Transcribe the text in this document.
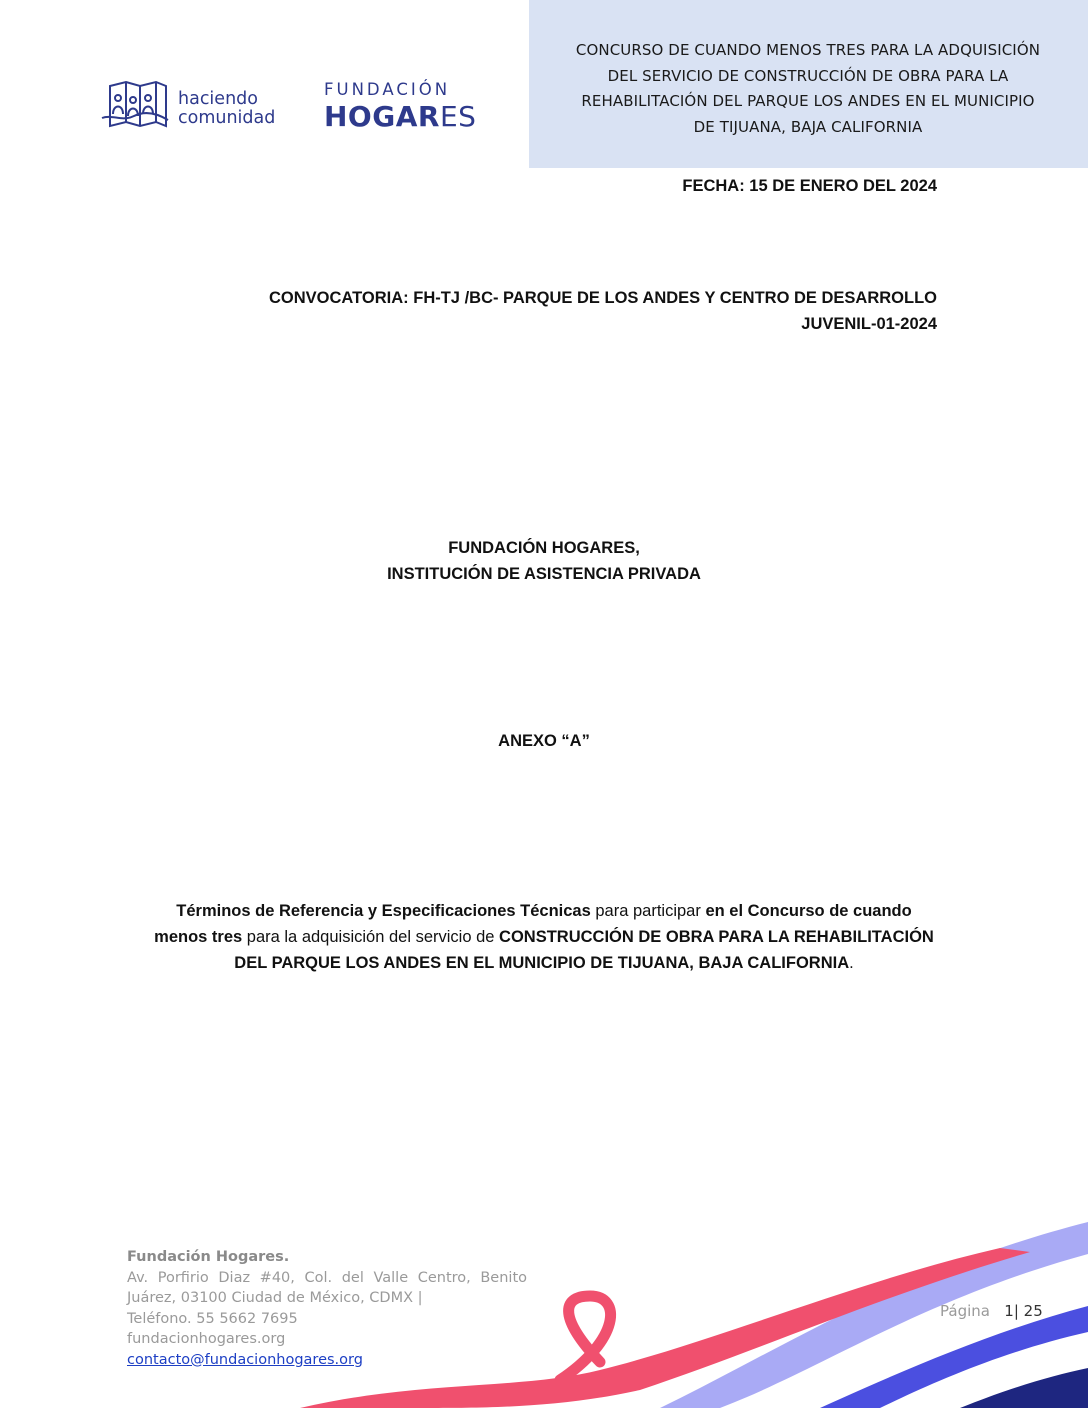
CONCURSO DE CUANDO MENOS TRES PARA LA ADQUISICIÓN
DEL SERVICIO DE CONSTRUCCIÓN DE OBRA PARA LA
REHABILITACIÓN DEL PARQUE LOS ANDES EN EL MUNICIPIO
DE TIJUANA, BAJA CALIFORNIA
haciendo
comunidad
FUNDACIÓN
HOGARES
FECHA: 15 DE ENERO DEL 2024
CONVOCATORIA: FH-TJ /BC- PARQUE DE LOS ANDES Y CENTRO DE DESARROLLO
JUVENIL-01-2024
FUNDACIÓN HOGARES,
INSTITUCIÓN DE ASISTENCIA PRIVADA
ANEXO “A”
Términos de Referencia y Especificaciones Técnicas para participar en el Concurso de cuando menos tres para la adquisición del servicio de CONSTRUCCIÓN DE OBRA PARA LA REHABILITACIÓN DEL PARQUE LOS ANDES EN EL MUNICIPIO DE TIJUANA, BAJA CALIFORNIA.
Fundación Hogares.
Av. Porfirio Diaz #40, Col. del Valle Centro, Benito Juárez, 03100 Ciudad de México, CDMX |
Teléfono. 55 5662 7695
fundacionhogares.org
contacto@fundacionhogares.org
Página 1| 25
